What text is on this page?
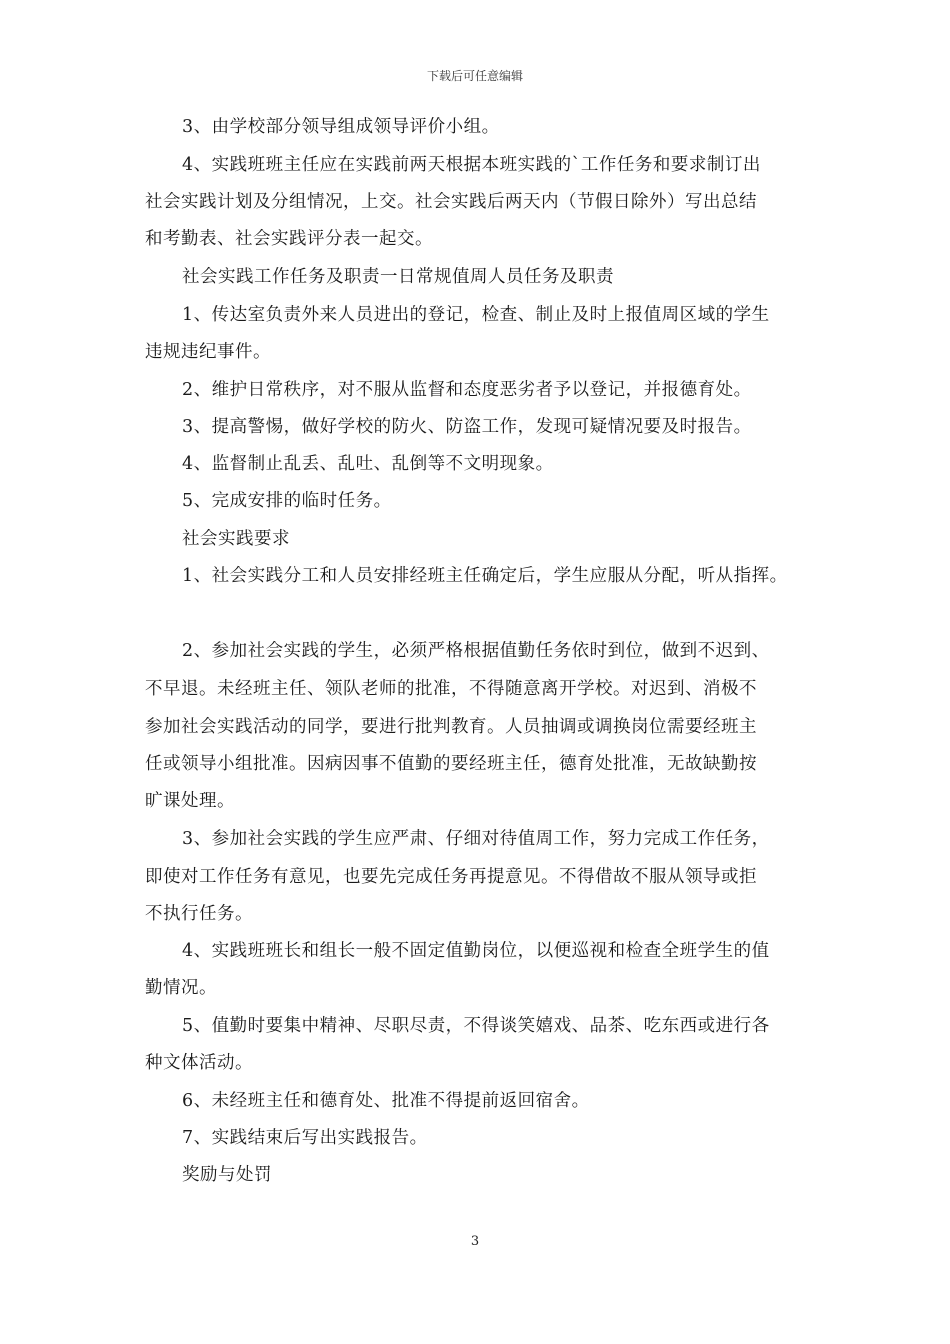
下载后可任意编辑
3、由学校部分领导组成领导评价小组。
4、实践班班主任应在实践前两天根据本班实践的`工作任务和要求制订出
社会实践计划及分组情况，上交。社会实践后两天内（节假日除外）写出总结
和考勤表、社会实践评分表一起交。
社会实践工作任务及职责一日常规值周人员任务及职责
1、传达室负责外来人员进出的登记，检查、制止及时上报值周区域的学生
违规违纪事件。
2、维护日常秩序，对不服从监督和态度恶劣者予以登记，并报德育处。
3、提高警惕，做好学校的防火、防盗工作，发现可疑情况要及时报告。
4、监督制止乱丢、乱吐、乱倒等不文明现象。
5、完成安排的临时任务。
社会实践要求
1、社会实践分工和人员安排经班主任确定后，学生应服从分配，听从指挥。
2、参加社会实践的学生，必须严格根据值勤任务依时到位，做到不迟到、
不早退。未经班主任、领队老师的批准，不得随意离开学校。对迟到、消极不
参加社会实践活动的同学，要进行批判教育。人员抽调或调换岗位需要经班主
任或领导小组批准。因病因事不值勤的要经班主任，德育处批准，无故缺勤按
旷课处理。
3、参加社会实践的学生应严肃、仔细对待值周工作，努力完成工作任务，
即使对工作任务有意见，也要先完成任务再提意见。不得借故不服从领导或拒
不执行任务。
4、实践班班长和组长一般不固定值勤岗位，以便巡视和检查全班学生的值
勤情况。
5、值勤时要集中精神、尽职尽责，不得谈笑嬉戏、品茶、吃东西或进行各
种文体活动。
6、未经班主任和德育处、批准不得提前返回宿舍。
7、实践结束后写出实践报告。
奖励与处罚
3
